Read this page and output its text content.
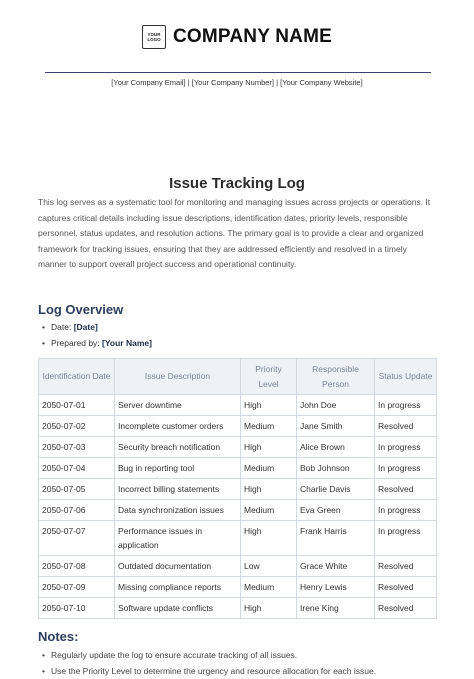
YOUR
LOGO COMPANY NAME
[Your Company Email] | [Your Company Number] | [Your Company Website]
Issue Tracking Log
This log serves as a systematic tool for monitoring and managing issues across projects or operations. It captures critical details including issue descriptions, identification dates, priority levels, responsible personnel, status updates, and resolution actions. The primary goal is to provide a clear and organized framework for tracking issues, ensuring that they are addressed efficiently and resolved in a timely manner to support overall project success and operational continuity.
Log Overview
• Date: [Date]
• Prepared by: [Your Name]
Identification Date	Issue Description	Priority Level	Responsible Person	Status Update
2050-07-01	Server downtime	High	John Doe	In progress
2050-07-02	Incomplete customer orders	Medium	Jane Smith	Resolved
2050-07-03	Security breach notification	High	Alice Brown	In progress
2050-07-04	Bug in reporting tool	Medium	Bob Johnson	In progress
2050-07-05	Incorrect billing statements	High	Charlie Davis	Resolved
2050-07-06	Data synchronization issues	Medium	Eva Green	In progress
2050-07-07	Performance issues in application	High	Frank Harris	In progress
2050-07-08	Outdated documentation	Low	Grace White	Resolved
2050-07-09	Missing compliance reports	Medium	Henry Lewis	Resolved
2050-07-10	Software update conflicts	High	Irene King	Resolved
Notes:
• Regularly update the log to ensure accurate tracking of all issues.
• Use the Priority Level to determine the urgency and resource allocation for each issue.
